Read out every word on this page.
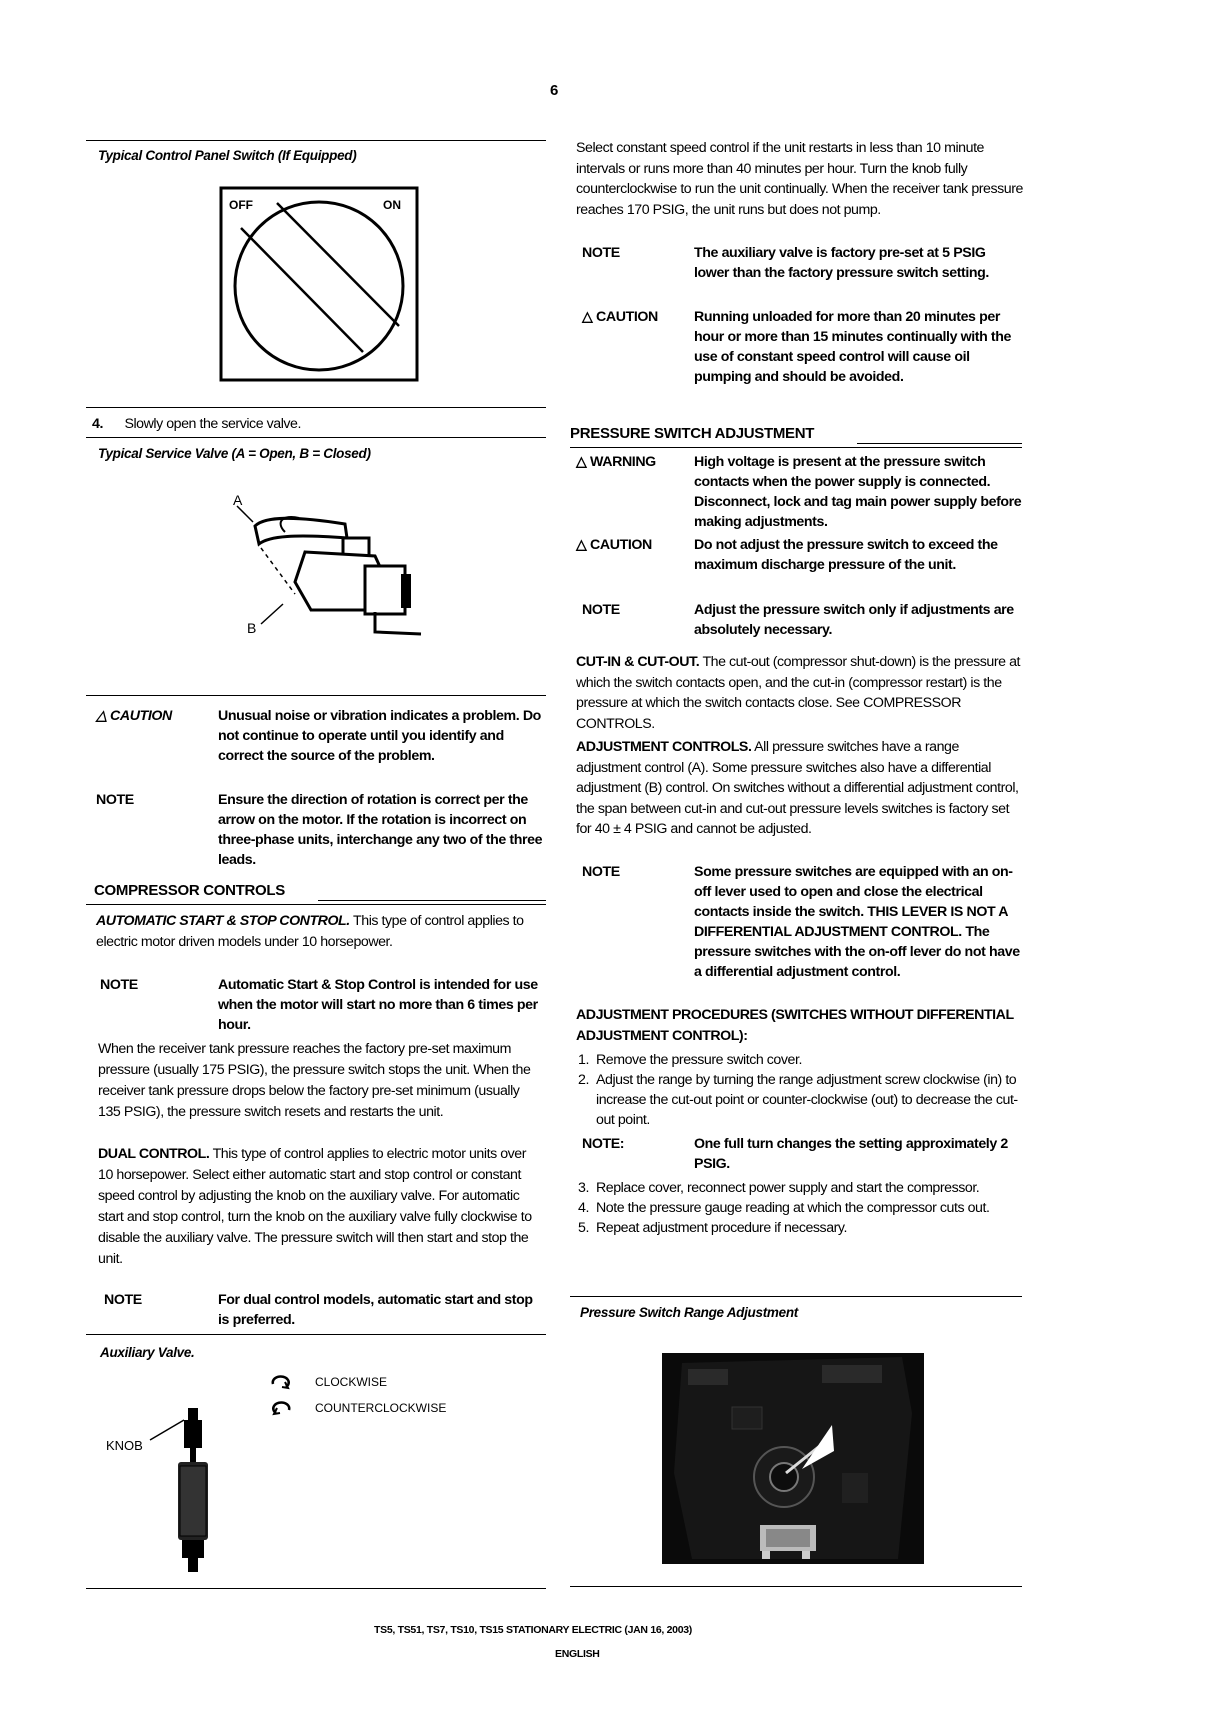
6
Typical Control Panel Switch (If Equipped)
OFF	ON
4. Slowly open the service valve.
Typical Service Valve (A = Open, B = Closed)
A
B
△ CAUTION	Unusual noise or vibration indicates a problem. Do not continue to operate until you identify and correct the source of the problem.
NOTE	Ensure the direction of rotation is correct per the arrow on the motor. If the rotation is incorrect on three-phase units, interchange any two of the three leads.
COMPRESSOR CONTROLS
AUTOMATIC START & STOP CONTROL. This type of control applies to electric motor driven models under 10 horsepower.
NOTE	Automatic Start & Stop Control is intended for use when the motor will start no more than 6 times per hour.
When the receiver tank pressure reaches the factory pre-set maximum pressure (usually 175 PSIG), the pressure switch stops the unit. When the receiver tank pressure drops below the factory pre-set minimum (usually 135 PSIG), the pressure switch resets and restarts the unit.
DUAL CONTROL. This type of control applies to electric motor units over 10 horsepower. Select either automatic start and stop control or constant speed control by adjusting the knob on the auxiliary valve. For automatic start and stop control, turn the knob on the auxiliary valve fully clockwise to disable the auxiliary valve. The pressure switch will then start and stop the unit.
NOTE	For dual control models, automatic start and stop is preferred.
Auxiliary Valve.
CLOCKWISE
COUNTERCLOCKWISE
KNOB
Select constant speed control if the unit restarts in less than 10 minute intervals or runs more than 40 minutes per hour. Turn the knob fully counterclockwise to run the unit continually. When the receiver tank pressure reaches 170 PSIG, the unit runs but does not pump.
NOTE	The auxiliary valve is factory pre-set at 5 PSIG lower than the factory pressure switch setting.
△ CAUTION	Running unloaded for more than 20 minutes per hour or more than 15 minutes continually with the use of constant speed control will cause oil pumping and should be avoided.
PRESSURE SWITCH ADJUSTMENT
△ WARNING	High voltage is present at the pressure switch contacts when the power supply is connected. Disconnect, lock and tag main power supply before making adjustments.
△ CAUTION	Do not adjust the pressure switch to exceed the maximum discharge pressure of the unit.
NOTE	Adjust the pressure switch only if adjustments are absolutely necessary.
CUT-IN & CUT-OUT. The cut-out (compressor shut-down) is the pressure at which the switch contacts open, and the cut-in (compressor restart) is the pressure at which the switch contacts close. See COMPRESSOR CONTROLS.
ADJUSTMENT CONTROLS. All pressure switches have a range adjustment control (A). Some pressure switches also have a differential adjustment (B) control. On switches without a differential adjustment control, the span between cut-in and cut-out pressure levels switches is factory set for 40 ± 4 PSIG and cannot be adjusted.
NOTE	Some pressure switches are equipped with an on-off lever used to open and close the electrical contacts inside the switch. THIS LEVER IS NOT A DIFFERENTIAL ADJUSTMENT CONTROL. The pressure switches with the on-off lever do not have a differential adjustment control.
ADJUSTMENT PROCEDURES (SWITCHES WITHOUT DIFFERENTIAL ADJUSTMENT CONTROL):
1. Remove the pressure switch cover.
2. Adjust the range by turning the range adjustment screw clockwise (in) to increase the cut-out point or counter-clockwise (out) to decrease the cut-out point.
NOTE:	One full turn changes the setting approximately 2 PSIG.
3. Replace cover, reconnect power supply and start the compressor.
4. Note the pressure gauge reading at which the compressor cuts out.
5. Repeat adjustment procedure if necessary.
Pressure Switch Range Adjustment
TS5, TS51, TS7, TS10, TS15 STATIONARY ELECTRIC (JAN 16, 2003)
ENGLISH
